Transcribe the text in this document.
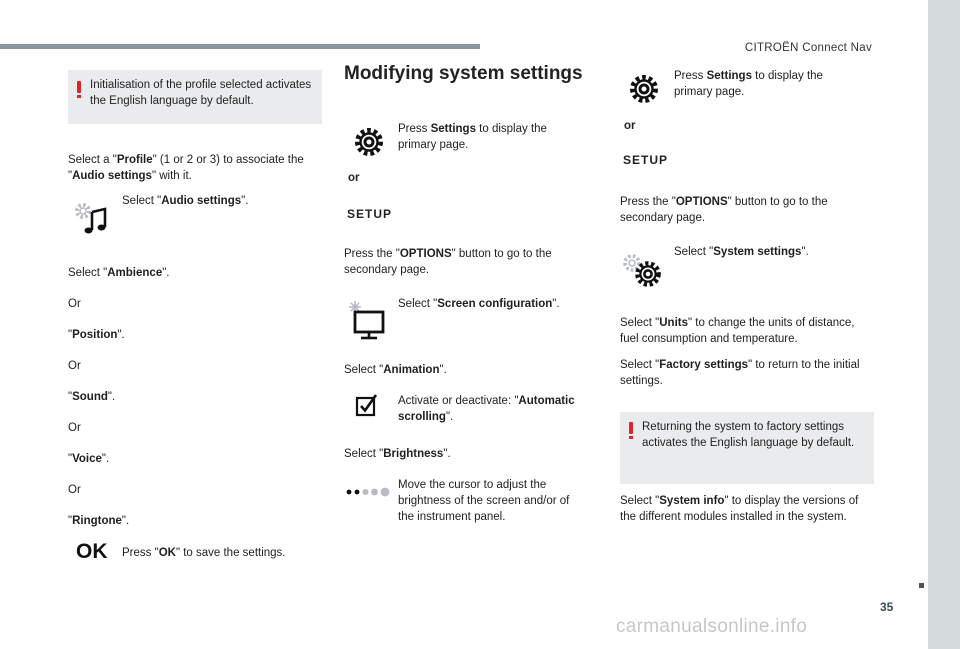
CITROËN Connect Nav
35
carmanualsonline.info
Initialisation of the profile selected activates the English language by default.
Select a "Profile" (1 or 2 or 3) to associate the "Audio settings" with it.
Select "Audio settings".
Select "Ambience".
Or
"Position".
Or
"Sound".
Or
"Voice".
Or
"Ringtone".
OK Press "OK" to save the settings.
Modifying system settings
Press Settings to display the primary page.
or
SETUP
Press the "OPTIONS" button to go to the secondary page.
Select "Screen configuration".
Select "Animation".
Activate or deactivate: "Automatic scrolling".
Select "Brightness".
Move the cursor to adjust the brightness of the screen and/or of the instrument panel.
Press Settings to display the primary page.
or
SETUP
Press the "OPTIONS" button to go to the secondary page.
Select "System settings".
Select "Units" to change the units of distance, fuel consumption and temperature.
Select "Factory settings" to return to the initial settings.
Returning the system to factory settings activates the English language by default.
Select "System info" to display the versions of the different modules installed in the system.
